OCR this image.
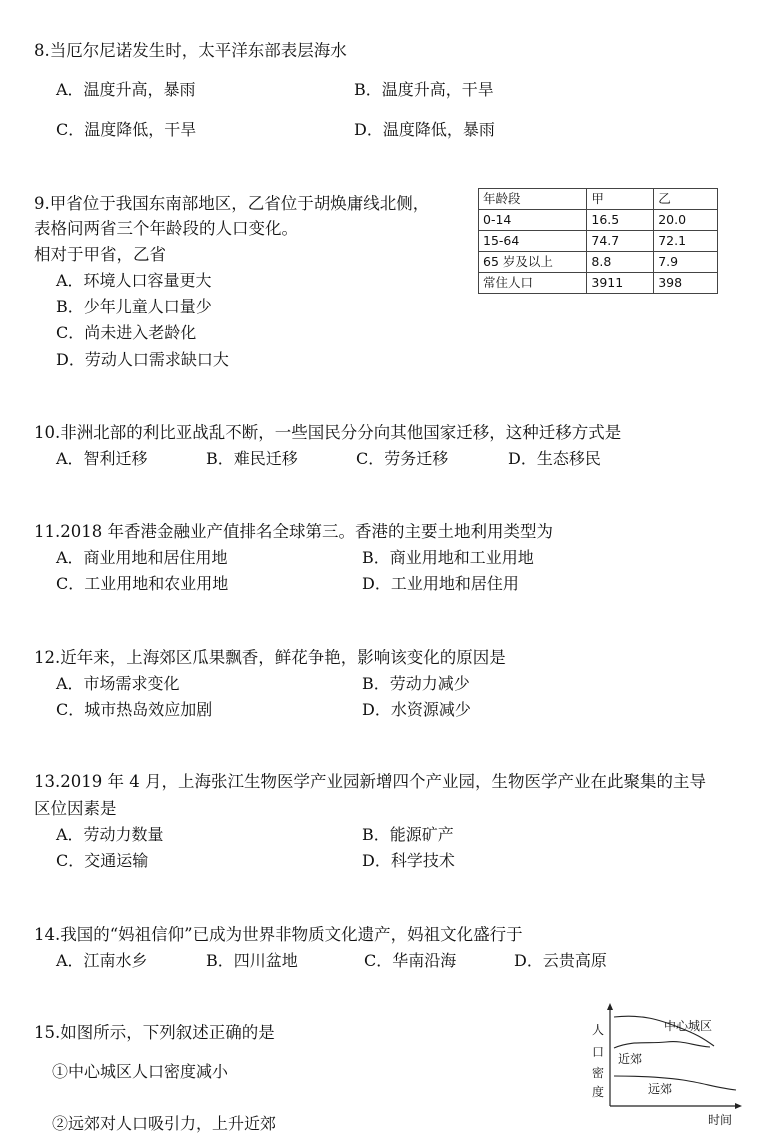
8.当厄尔尼诺发生时，太平洋东部表层海水
A．温度升高，暴雨	B．温度升高，干旱
C．温度降低，干旱	D．温度降低，暴雨
9.甲省位于我国东南部地区，乙省位于胡焕庸线北侧，
表格问两省三个年龄段的人口变化。
相对于甲省，乙省
A．环境人口容量更大
B．少年儿童人口量少
C．尚未进入老龄化
D．劳动人口需求缺口大
年龄段	甲	乙
0-14	16.5	20.0
15-64	74.7	72.1
65 岁及以上	8.8	7.9
常住人口	3911	398
10.非洲北部的利比亚战乱不断，一些国民分分向其他国家迁移，这种迁移方式是
A．智利迁移	B．难民迁移	C．劳务迁移	D．生态移民
11.2018 年香港金融业产值排名全球第三。香港的主要土地利用类型为
A．商业用地和居住用地	B．商业用地和工业用地
C．工业用地和农业用地	D．工业用地和居住用
12.近年来，上海郊区瓜果飘香，鲜花争艳，影响该变化的原因是
A．市场需求变化	B．劳动力减少
C．城市热岛效应加剧	D．水资源减少
13.2019 年 4 月，上海张江生物医学产业园新增四个产业园，生物医学产业在此聚集的主导
区位因素是
A．劳动力数量	B．能源矿产
C．交通运输	D．科学技术
14.我国的“妈祖信仰”已成为世界非物质文化遗产，妈祖文化盛行于
A．江南水乡	B．四川盆地	C．华南沿海	D．云贵高原
15.如图所示，下列叙述正确的是
①中心城区人口密度减小
②远郊对人口吸引力，上升近郊
中心城区
近郊
远郊
时间
人
口
密
度
